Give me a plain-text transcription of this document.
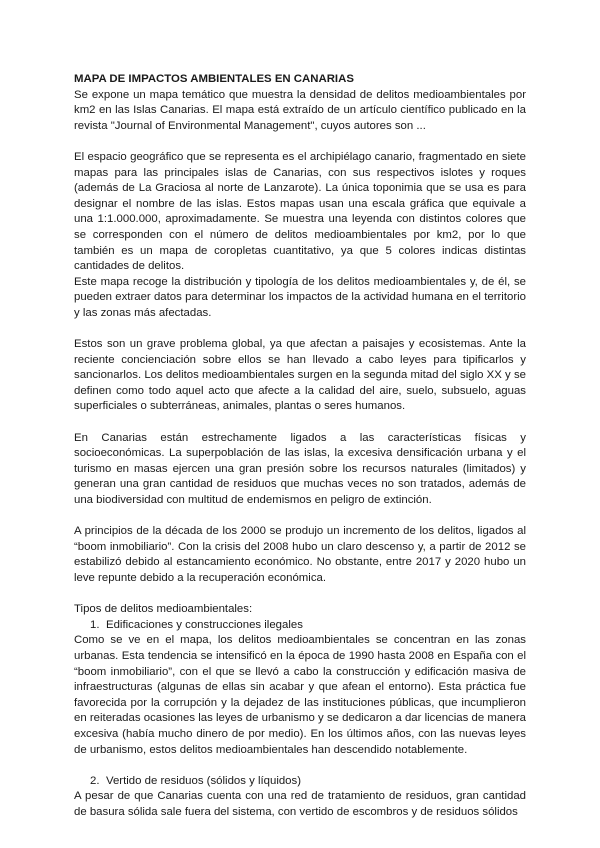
MAPA DE IMPACTOS AMBIENTALES EN CANARIAS

Se expone un mapa temático que muestra la densidad de delitos medioambientales por km2 en las Islas Canarias. El mapa está extraído de un artículo científico publicado en la revista "Journal of Environmental Management", cuyos autores son ...

El espacio geográfico que se representa es el archipiélago canario, fragmentado en siete mapas para las principales islas de Canarias, con sus respectivos islotes y roques (además de La Graciosa al norte de Lanzarote). La única toponimia que se usa es para designar el nombre de las islas. Estos mapas usan una escala gráfica que equivale a una 1:1.000.000, aproximadamente. Se muestra una leyenda con distintos colores que se corresponden con el número de delitos medioambientales por km2, por lo que también es un mapa de coropletas cuantitativo, ya que 5 colores indicas distintas cantidades de delitos.

Este mapa recoge la distribución y tipología de los delitos medioambientales y, de él, se pueden extraer datos para determinar los impactos de la actividad humana en el territorio y las zonas más afectadas.

Estos son un grave problema global, ya que afectan a paisajes y ecosistemas. Ante la reciente concienciación sobre ellos se han llevado a cabo leyes para tipificarlos y sancionarlos. Los delitos medioambientales surgen en la segunda mitad del siglo XX y se definen como todo aquel acto que afecte a la calidad del aire, suelo, subsuelo, aguas superficiales o subterráneas, animales, plantas o seres humanos.

En Canarias están estrechamente ligados a las características físicas y socioeconómicas. La superpoblación de las islas, la excesiva densificación urbana y el turismo en masas ejercen una gran presión sobre los recursos naturales (limitados) y generan una gran cantidad de residuos que muchas veces no son tratados, además de una biodiversidad con multitud de endemismos en peligro de extinción.

A principios de la década de los 2000 se produjo un incremento de los delitos, ligados al “boom inmobiliario”. Con la crisis del 2008 hubo un claro descenso y, a partir de 2012 se estabilizó debido al estancamiento económico. No obstante, entre 2017 y 2020 hubo un leve repunte debido a la recuperación económica.

Tipos de delitos medioambientales:

1. Edificaciones y construcciones ilegales

Como se ve en el mapa, los delitos medioambientales se concentran en las zonas urbanas. Esta tendencia se intensificó en la época de 1990 hasta 2008 en España con el “boom inmobiliario”, con el que se llevó a cabo la construcción y edificación masiva de infraestructuras (algunas de ellas sin acabar y que afean el entorno). Esta práctica fue favorecida por la corrupción y la dejadez de las instituciones públicas, que incumplieron en reiteradas ocasiones las leyes de urbanismo y se dedicaron a dar licencias de manera excesiva (había mucho dinero de por medio). En los últimos años, con las nuevas leyes de urbanismo, estos delitos medioambientales han descendido notablemente.

2. Vertido de residuos (sólidos y líquidos)

A pesar de que Canarias cuenta con una red de tratamiento de residuos, gran cantidad de basura sólida sale fuera del sistema, con vertido de escombros y de residuos sólidos
